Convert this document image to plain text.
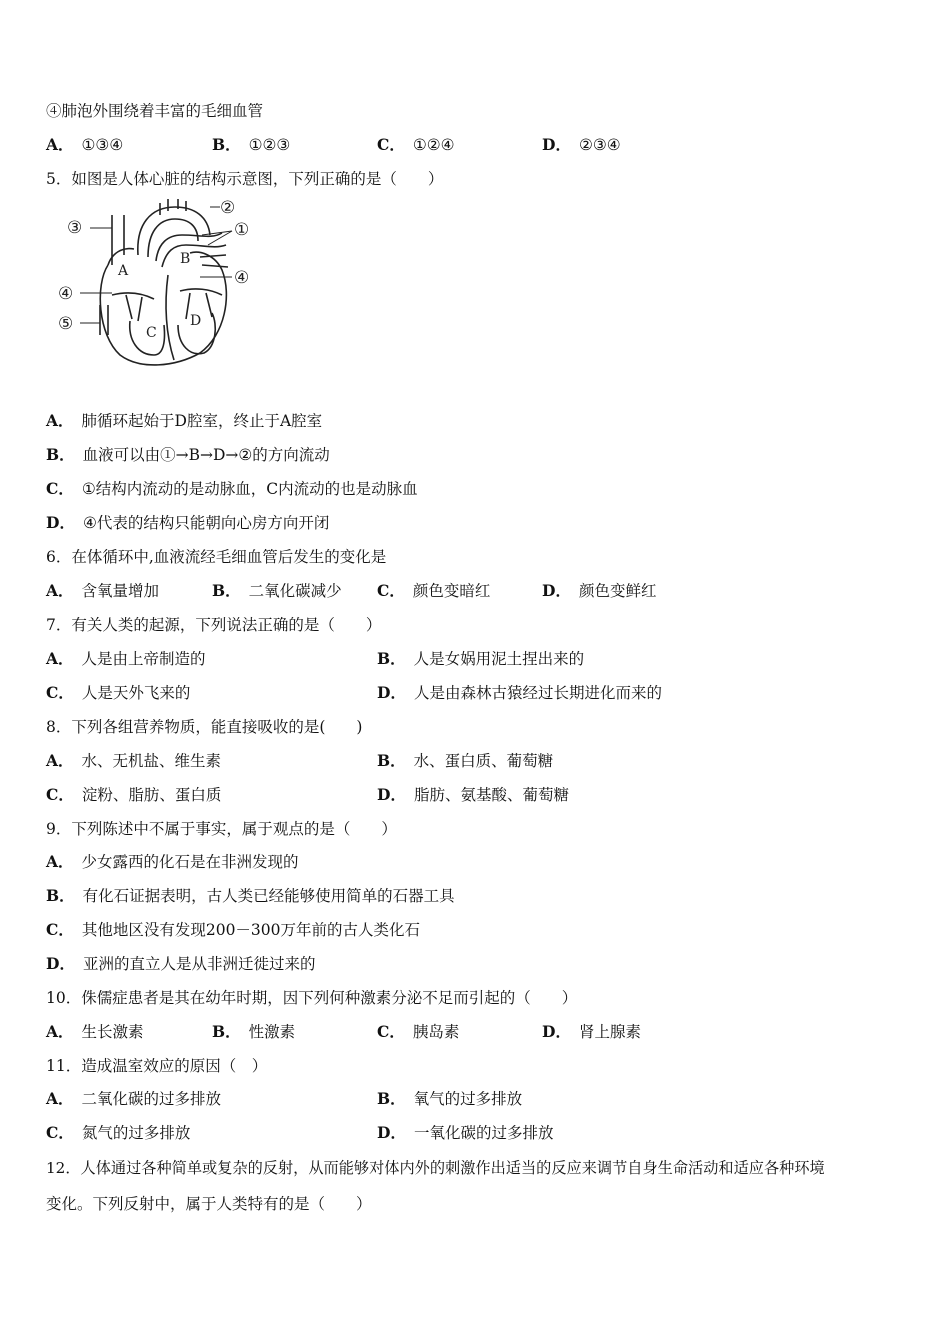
④肺泡外围绕着丰富的毛细血管
A． ①③④	B． ①②③	C． ①②④	D． ②③④
5．如图是人体心脏的结构示意图，下列正确的是（　　）
①
②
③
④
④
⑤
A
B
C
D
A． 肺循环起始于D腔室，终止于A腔室
B． 血液可以由①→B→D→②的方向流动
C． ①结构内流动的是动脉血，C内流动的也是动脉血
D． ④代表的结构只能朝向心房方向开闭
6．在体循环中,血液流经毛细血管后发生的变化是
A． 含氧量增加	B． 二氧化碳减少 C． 颜色变暗红	D． 颜色变鲜红
7．有关人类的起源，下列说法正确的是（　　）
A． 人是由上帝制造的	B． 人是女娲用泥土捏出来的
C． 人是天外飞来的	D． 人是由森林古猿经过长期进化而来的
8．下列各组营养物质，能直接吸收的是(　　)
A． 水、无机盐、维生素	B． 水、蛋白质、葡萄糖
C． 淀粉、脂肪、蛋白质	D． 脂肪、氨基酸、葡萄糖
9．下列陈述中不属于事实，属于观点的是（　　）
A． 少女露西的化石是在非洲发现的
B． 有化石证据表明，古人类已经能够使用简单的石器工具
C． 其他地区没有发现200－300万年前的古人类化石
D． 亚洲的直立人是从非洲迁徙过来的
10．侏儒症患者是其在幼年时期，因下列何种激素分泌不足而引起的（　　）
A． 生长激素	B． 性激素	C． 胰岛素	D． 肾上腺素
11．造成温室效应的原因（　）
A． 二氧化碳的过多排放	B． 氧气的过多排放
C． 氮气的过多排放	D． 一氧化碳的过多排放
12．人体通过各种简单或复杂的反射，从而能够对体内外的刺激作出适当的反应来调节自身生命活动和适应各种环境
变化。下列反射中，属于人类特有的是（　　）
